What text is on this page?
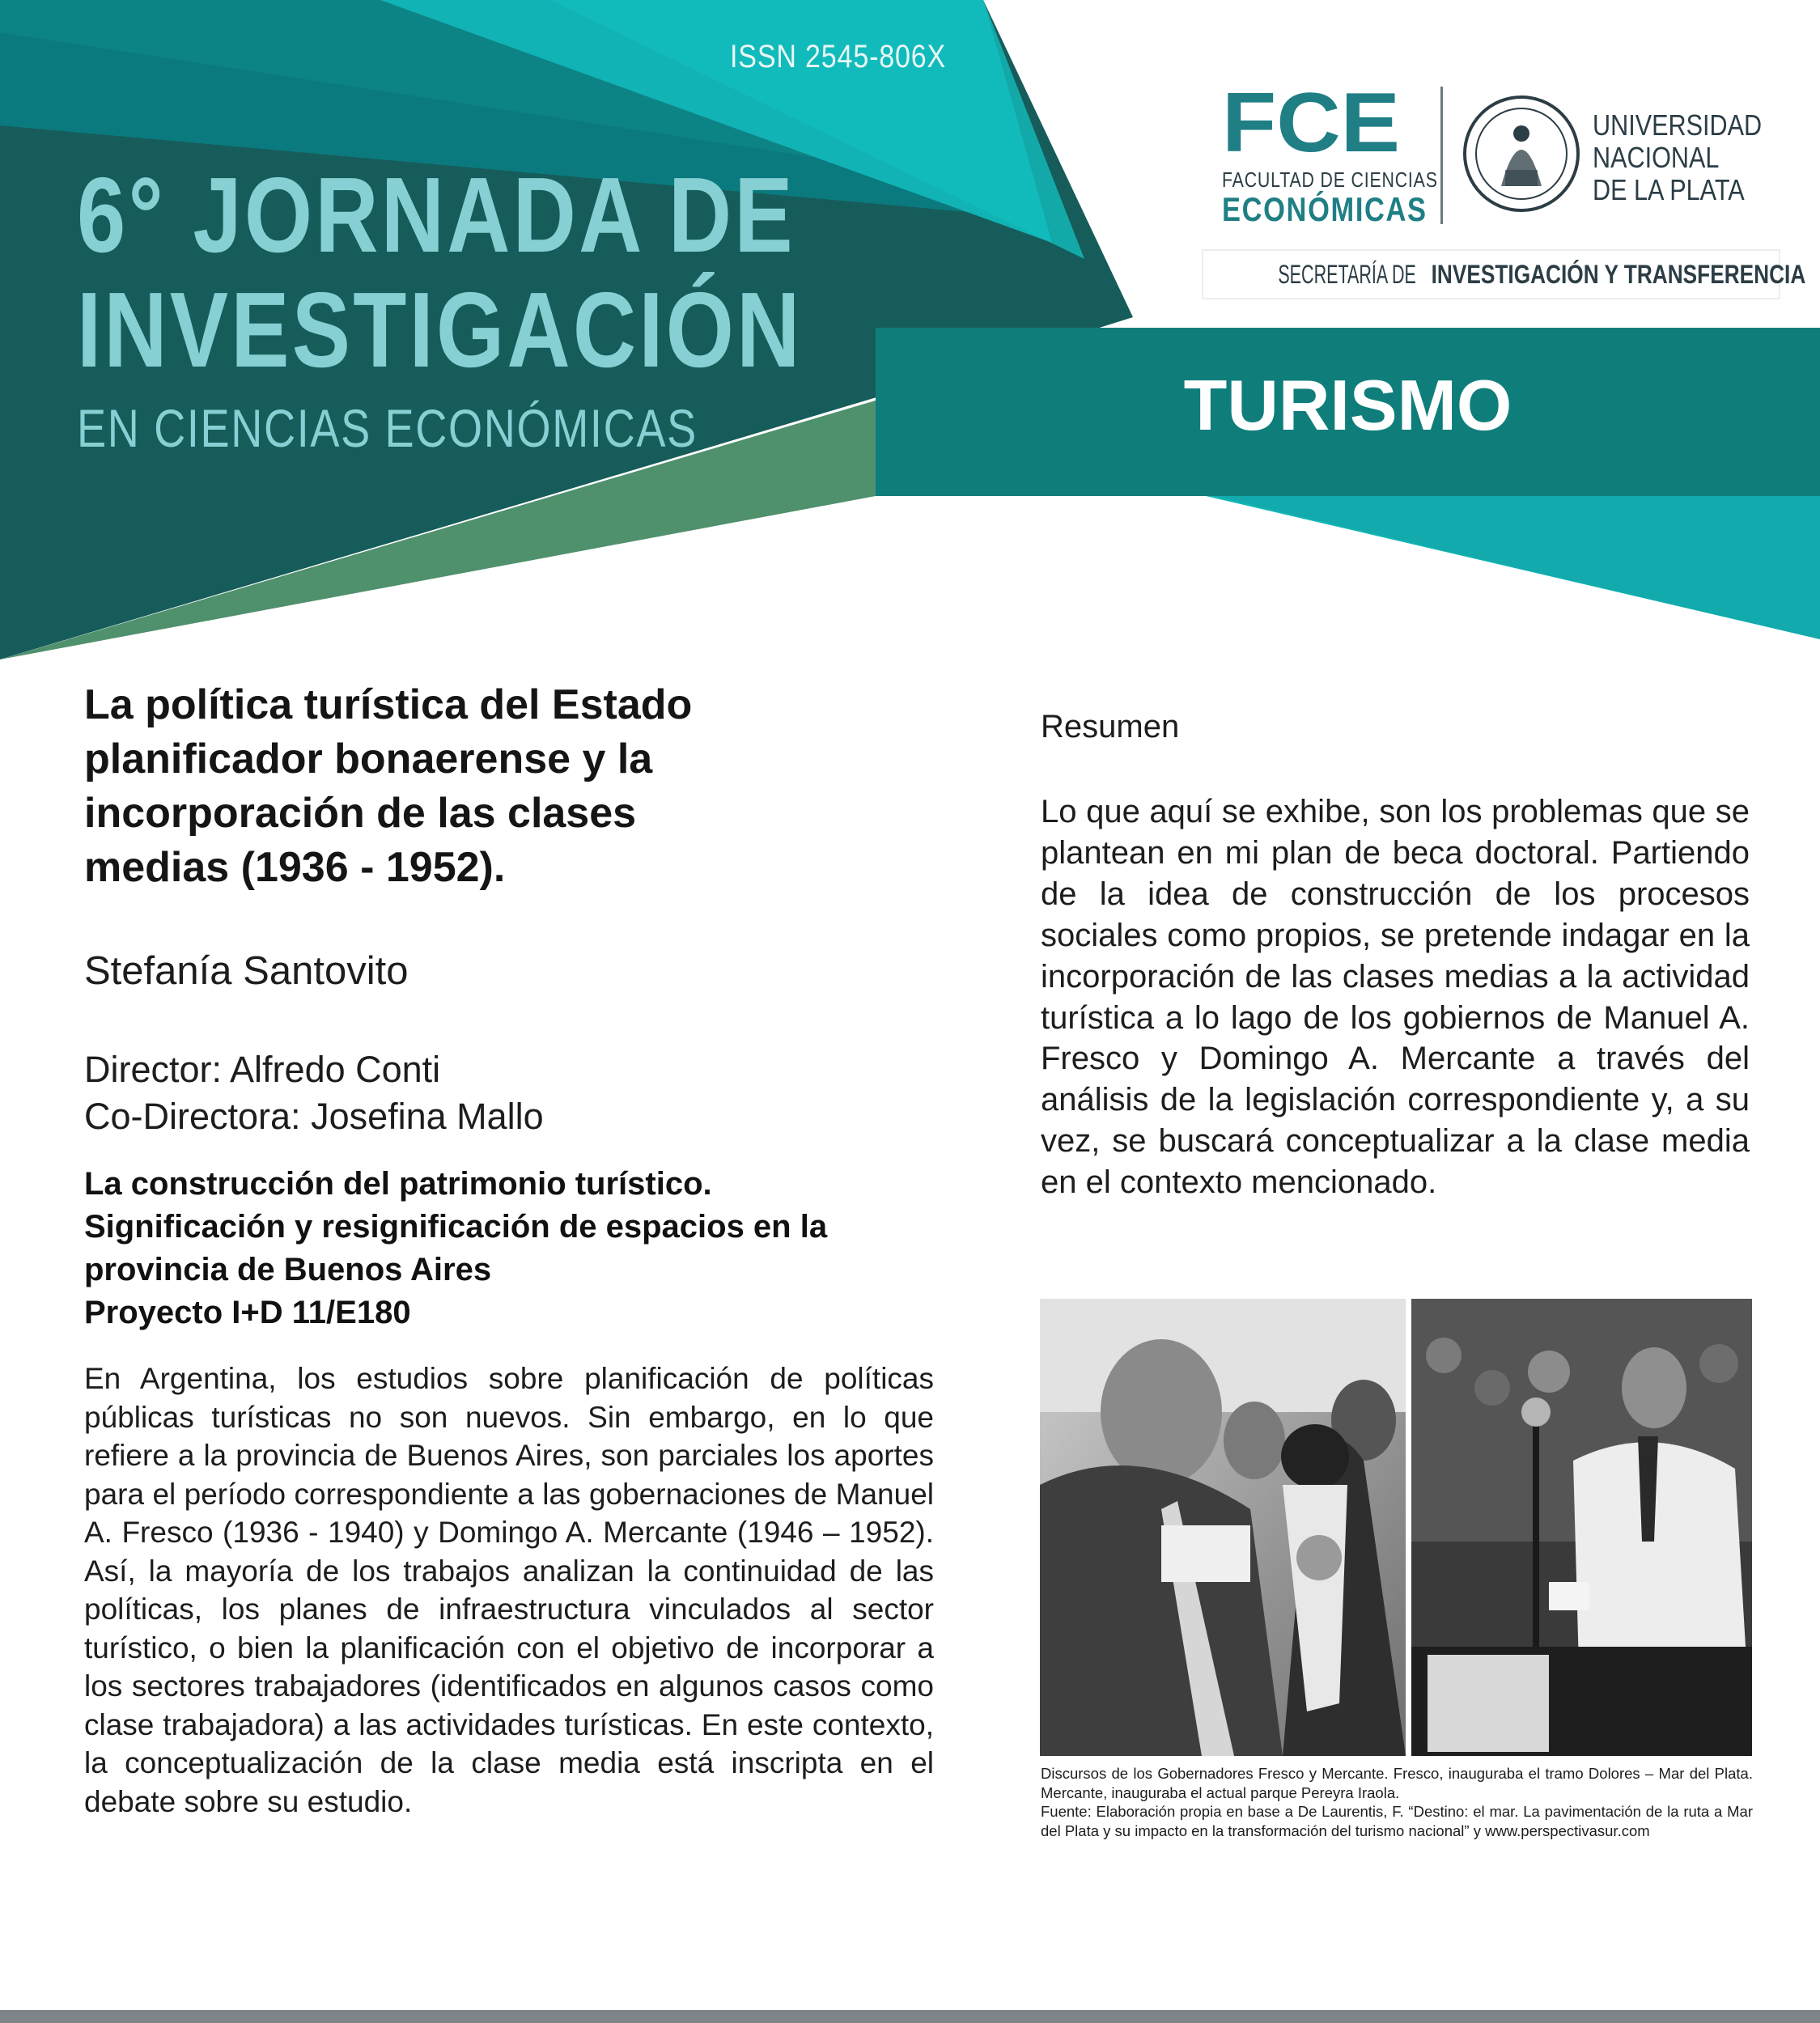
ISSN 2545-806X
6° JORNADA DE
INVESTIGACIÓN
EN CIENCIAS ECONÓMICAS
FCE
FACULTAD DE CIENCIAS
ECONÓMICAS
UNIVERSIDAD
NACIONAL
DE LA PLATA
SECRETARÍA DEINVESTIGACIÓN Y TRANSFERENCIA
TURISMO
La política turística del Estado
planificador bonaerense y la
incorporación de las clases
medias (1936 - 1952).
Stefanía Santovito
Director: Alfredo Conti
Co-Directora: Josefina Mallo
La construcción del patrimonio turístico.
Significación y resignificación de espacios en la
provincia de Buenos Aires
Proyecto I+D 11/E180
En Argentina, los estudios sobre planificación de políticas públicas turísticas no son nuevos. Sin embargo, en lo que refiere a la provincia de Buenos Aires, son parciales los aportes para el período correspondiente a las gobernaciones de Manuel A. Fresco (1936 - 1940) y Domingo A. Mercante (1946 – 1952). Así, la mayoría de los trabajos analizan la continuidad de las políticas, los planes de infraestructura vinculados al sector turístico, o bien la planificación con el objetivo de incorporar a los sectores trabajadores (identificados en algunos casos como clase trabajadora) a las actividades turísticas. En este contexto, la conceptualización de la clase media está inscripta en el debate sobre su estudio.
Resumen
Lo que aquí se exhibe, son los problemas que se plantean en mi plan de beca doctoral. Partiendo de la idea de construcción de los procesos sociales como propios, se pretende indagar en la incorporación de las clases medias a la actividad turística a lo lago de los gobiernos de Manuel A. Fresco y Domingo A. Mercante a través del análisis de la legislación correspondiente y, a su vez, se buscará conceptualizar a la clase media en el contexto mencionado.
Discursos de los Gobernadores Fresco y Mercante. Fresco, inauguraba el tramo Dolores – Mar del Plata. Mercante, inauguraba el actual parque Pereyra Iraola.
Fuente: Elaboración propia en base a De Laurentis, F. “Destino: el mar. La pavimentación de la ruta a Mar del Plata y su impacto en la transformación del turismo nacional” y www.perspectivasur.com
